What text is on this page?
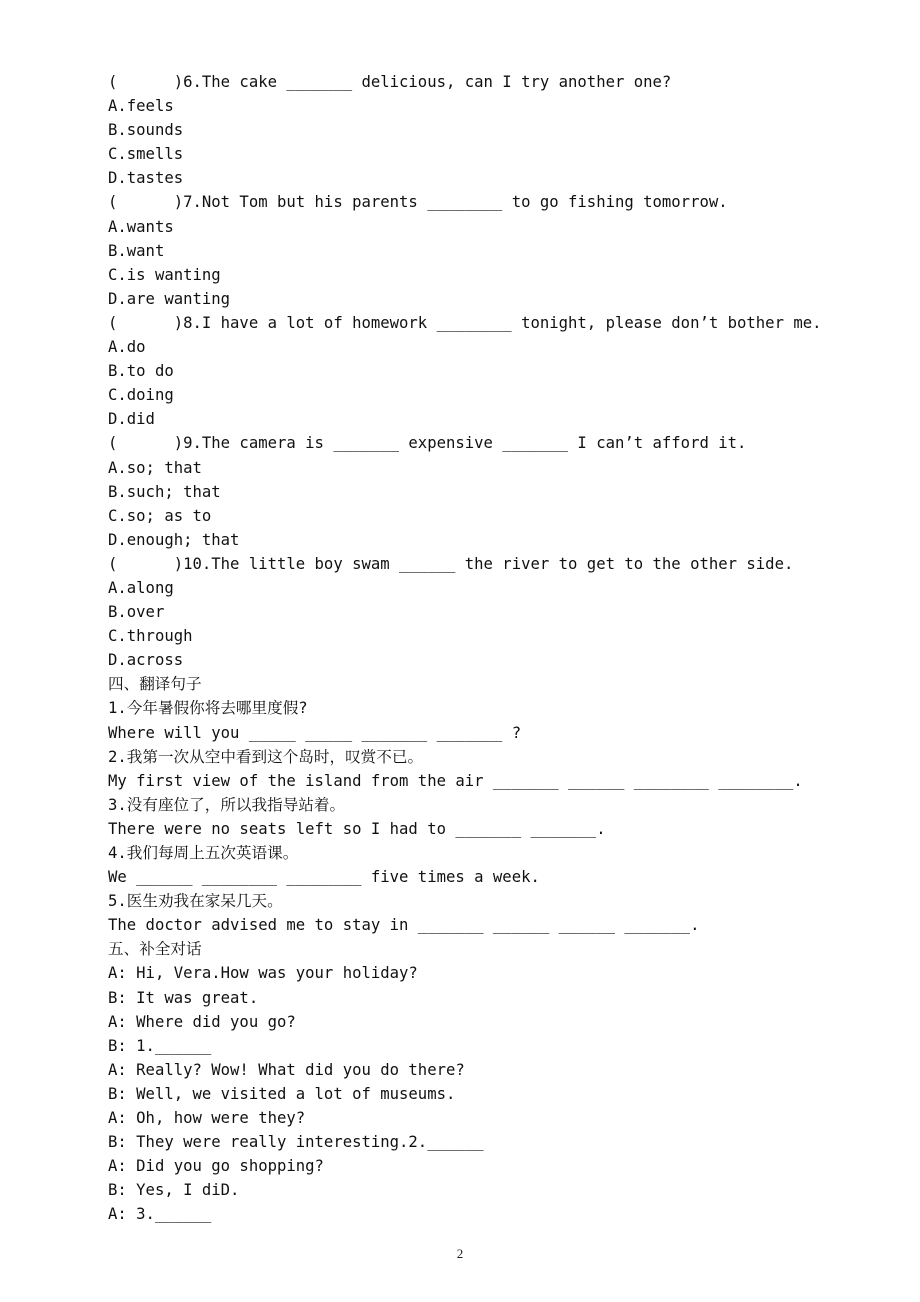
(      )6.The cake _______ delicious, can I try another one?
A.feels
B.sounds
C.smells
D.tastes
(      )7.Not Tom but his parents ________ to go fishing tomorrow.
A.wants
B.want
C.is wanting
D.are wanting
(      )8.I have a lot of homework ________ tonight, please don’t bother me.
A.do
B.to do
C.doing
D.did
(      )9.The camera is _______ expensive _______ I can’t afford it.
A.so; that
B.such; that
C.so; as to
D.enough; that
(      )10.The little boy swam ______ the river to get to the other side.
A.along
B.over
C.through
D.across
四、翻译句子
1.今年暑假你将去哪里度假?
Where will you _____ _____ _______ _______ ?
2.我第一次从空中看到这个岛时，叹赏不已。
My first view of the island from the air _______ ______ ________ ________.
3.没有座位了，所以我指导站着。
There were no seats left so I had to _______ _______.
4.我们每周上五次英语课。
We ______ ________ ________ five times a week.
5.医生劝我在家呆几天。
The doctor advised me to stay in _______ ______ ______ _______.
五、补全对话
A: Hi, Vera.How was your holiday?
B: It was great.
A: Where did you go?
B: 1.______
A: Really? Wow! What did you do there?
B: Well, we visited a lot of museums.
A: Oh, how were they?
B: They were really interesting.2.______
A: Did you go shopping?
B: Yes, I diD.
A: 3.______
2
